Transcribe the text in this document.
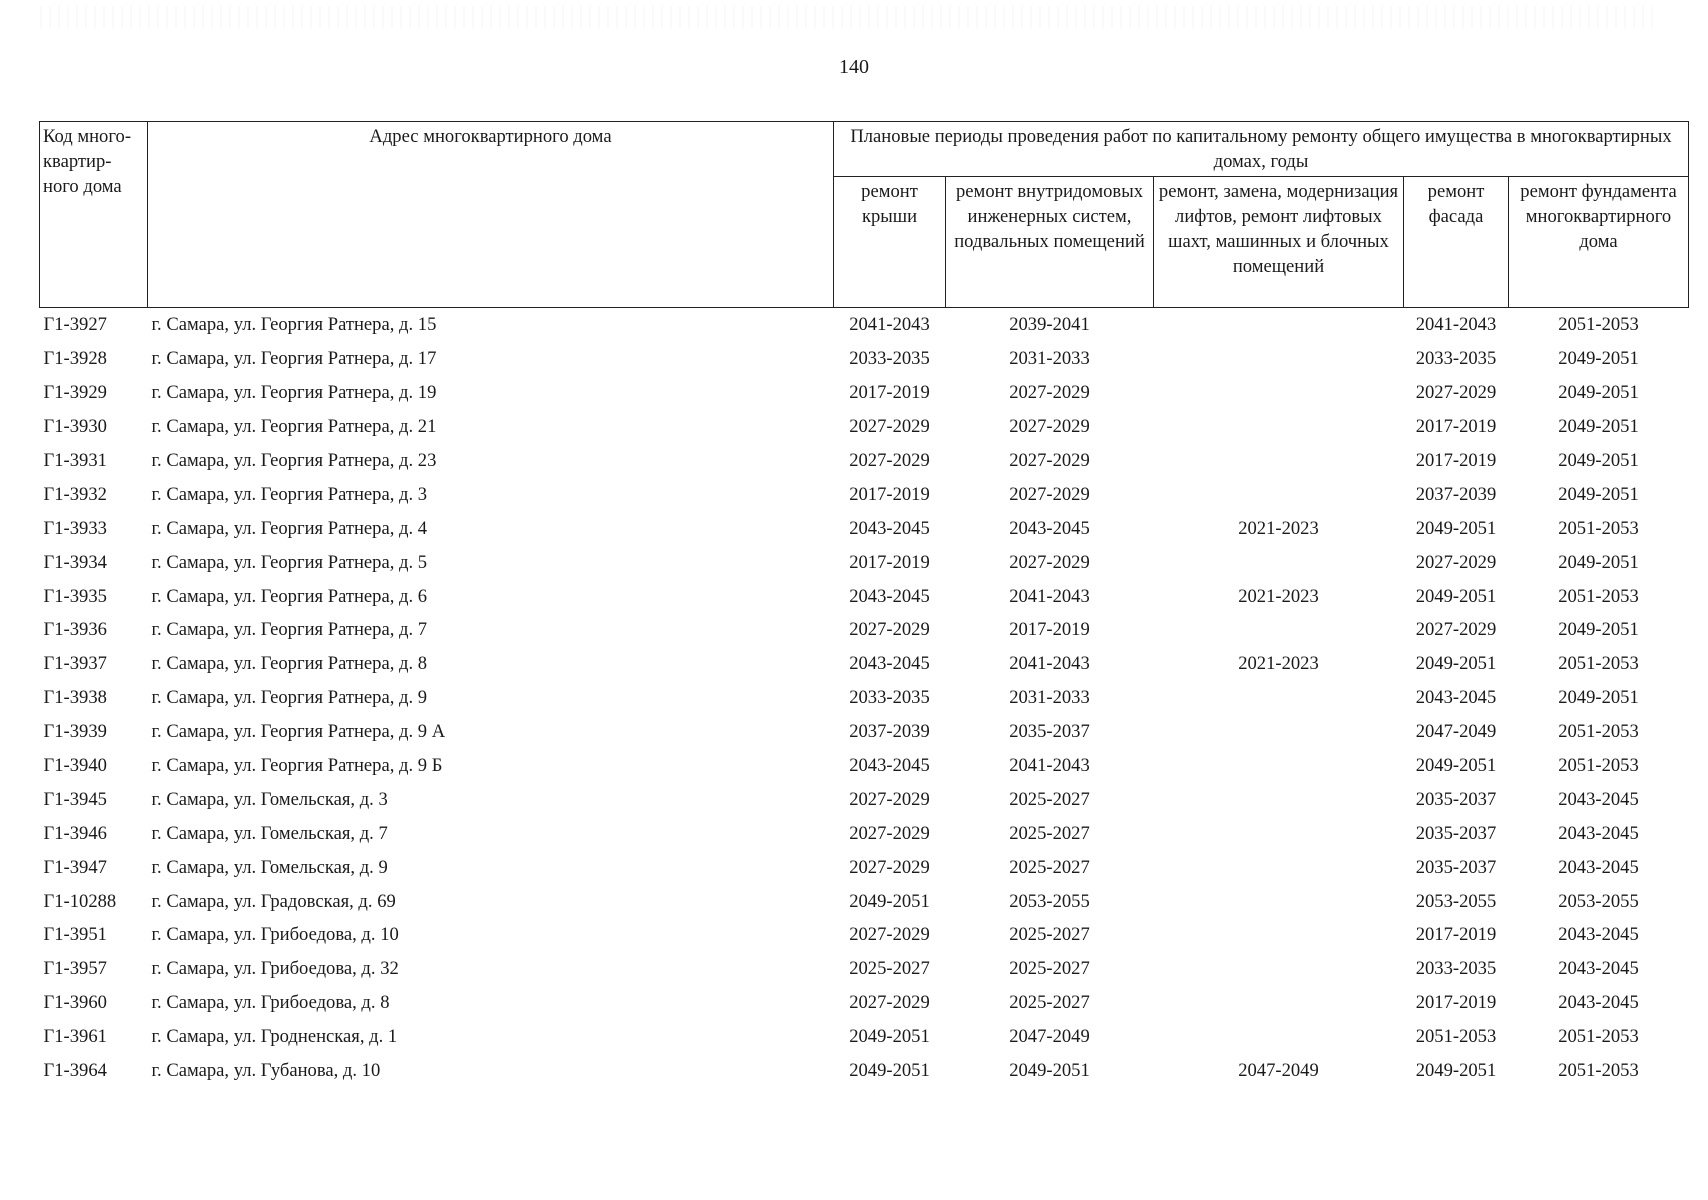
140
Код много-квартир-ного дома	Адрес многоквартирного дома	Плановые периоды проведения работ по капитальному ремонту общего имущества в многоквартирных домах, годы				
		ремонт крыши	ремонт внутридомовых инженерных систем, подвальных помещений	ремонт, замена, модернизация лифтов, ремонт лифтовых шахт, машинных и блочных помещений	ремонт фасада	ремонт фундамента многоквартирного дома
Г1-3927	г. Самара, ул. Георгия Ратнера, д. 15	2041-2043	2039-2041		2041-2043	2051-2053
Г1-3928	г. Самара, ул. Георгия Ратнера, д. 17	2033-2035	2031-2033		2033-2035	2049-2051
Г1-3929	г. Самара, ул. Георгия Ратнера, д. 19	2017-2019	2027-2029		2027-2029	2049-2051
Г1-3930	г. Самара, ул. Георгия Ратнера, д. 21	2027-2029	2027-2029		2017-2019	2049-2051
Г1-3931	г. Самара, ул. Георгия Ратнера, д. 23	2027-2029	2027-2029		2017-2019	2049-2051
Г1-3932	г. Самара, ул. Георгия Ратнера, д. 3	2017-2019	2027-2029		2037-2039	2049-2051
Г1-3933	г. Самара, ул. Георгия Ратнера, д. 4	2043-2045	2043-2045	2021-2023	2049-2051	2051-2053
Г1-3934	г. Самара, ул. Георгия Ратнера, д. 5	2017-2019	2027-2029		2027-2029	2049-2051
Г1-3935	г. Самара, ул. Георгия Ратнера, д. 6	2043-2045	2041-2043	2021-2023	2049-2051	2051-2053
Г1-3936	г. Самара, ул. Георгия Ратнера, д. 7	2027-2029	2017-2019		2027-2029	2049-2051
Г1-3937	г. Самара, ул. Георгия Ратнера, д. 8	2043-2045	2041-2043	2021-2023	2049-2051	2051-2053
Г1-3938	г. Самара, ул. Георгия Ратнера, д. 9	2033-2035	2031-2033		2043-2045	2049-2051
Г1-3939	г. Самара, ул. Георгия Ратнера, д. 9 А	2037-2039	2035-2037		2047-2049	2051-2053
Г1-3940	г. Самара, ул. Георгия Ратнера, д. 9 Б	2043-2045	2041-2043		2049-2051	2051-2053
Г1-3945	г. Самара, ул. Гомельская, д. 3	2027-2029	2025-2027		2035-2037	2043-2045
Г1-3946	г. Самара, ул. Гомельская, д. 7	2027-2029	2025-2027		2035-2037	2043-2045
Г1-3947	г. Самара, ул. Гомельская, д. 9	2027-2029	2025-2027		2035-2037	2043-2045
Г1-10288	г. Самара, ул. Градовская, д. 69	2049-2051	2053-2055		2053-2055	2053-2055
Г1-3951	г. Самара, ул. Грибоедова, д. 10	2027-2029	2025-2027		2017-2019	2043-2045
Г1-3957	г. Самара, ул. Грибоедова, д. 32	2025-2027	2025-2027		2033-2035	2043-2045
Г1-3960	г. Самара, ул. Грибоедова, д. 8	2027-2029	2025-2027		2017-2019	2043-2045
Г1-3961	г. Самара, ул. Гродненская, д. 1	2049-2051	2047-2049		2051-2053	2051-2053
Г1-3964	г. Самара, ул. Губанова, д. 10	2049-2051	2049-2051	2047-2049	2049-2051	2051-2053
